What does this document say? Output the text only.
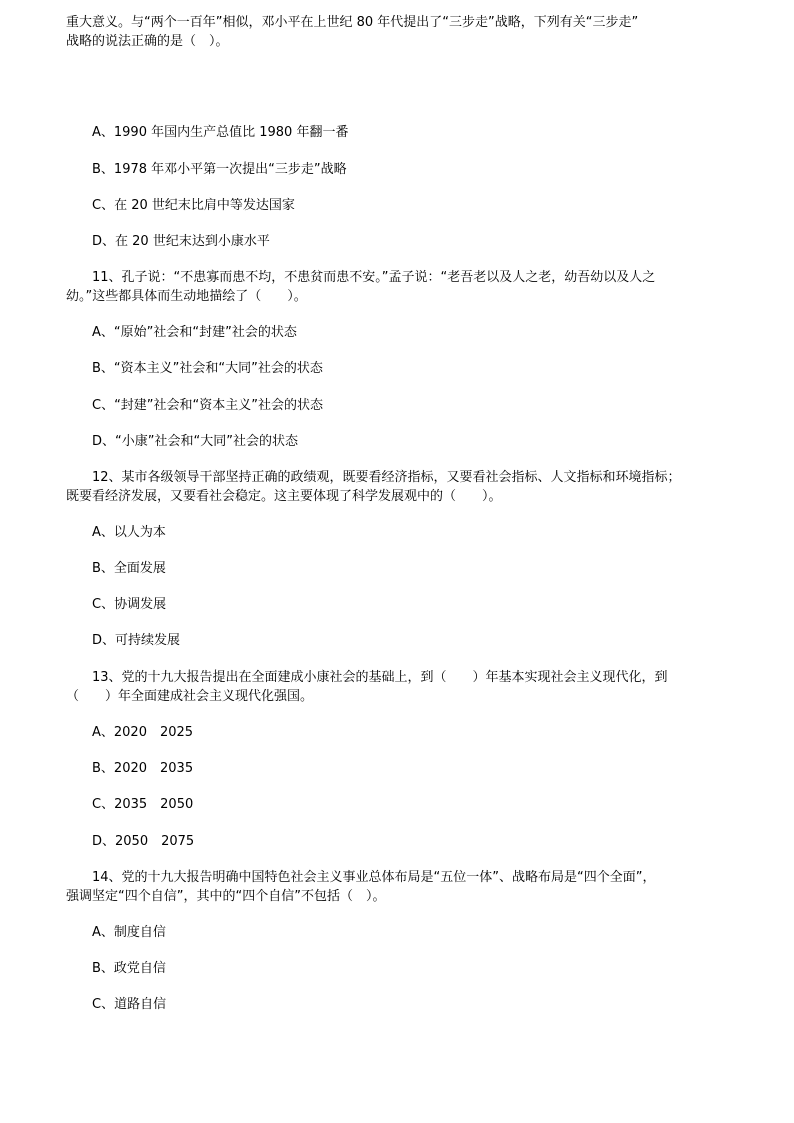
重大意义。与“两个一百年”相似，邓小平在上世纪 80 年代提出了“三步走”战略，下列有关“三步走”
战略的说法正确的是（　）。
A、1990 年国内生产总值比 1980 年翻一番
B、1978 年邓小平第一次提出“三步走”战略
C、在 20 世纪末比肩中等发达国家
D、在 20 世纪末达到小康水平
11、孔子说：“不患寡而患不均，不患贫而患不安。”孟子说：“老吾老以及人之老，幼吾幼以及人之
幼。”这些都具体而生动地描绘了（　　）。
A、“原始”社会和“封建”社会的状态
B、“资本主义”社会和“大同”社会的状态
C、“封建”社会和“资本主义”社会的状态
D、“小康”社会和“大同”社会的状态
12、某市各级领导干部坚持正确的政绩观，既要看经济指标，又要看社会指标、人文指标和环境指标；
既要看经济发展，又要看社会稳定。这主要体现了科学发展观中的（　　）。
A、以人为本
B、全面发展
C、协调发展
D、可持续发展
13、党的十九大报告提出在全面建成小康社会的基础上，到（　　）年基本实现社会主义现代化，到
（　　）年全面建成社会主义现代化强国。
A、2020　2025
B、2020　2035
C、2035　2050
D、2050　2075
14、党的十九大报告明确中国特色社会主义事业总体布局是“五位一体”、战略布局是“四个全面”，
强调坚定“四个自信”，其中的“四个自信”不包括（　）。
A、制度自信
B、政党自信
C、道路自信
